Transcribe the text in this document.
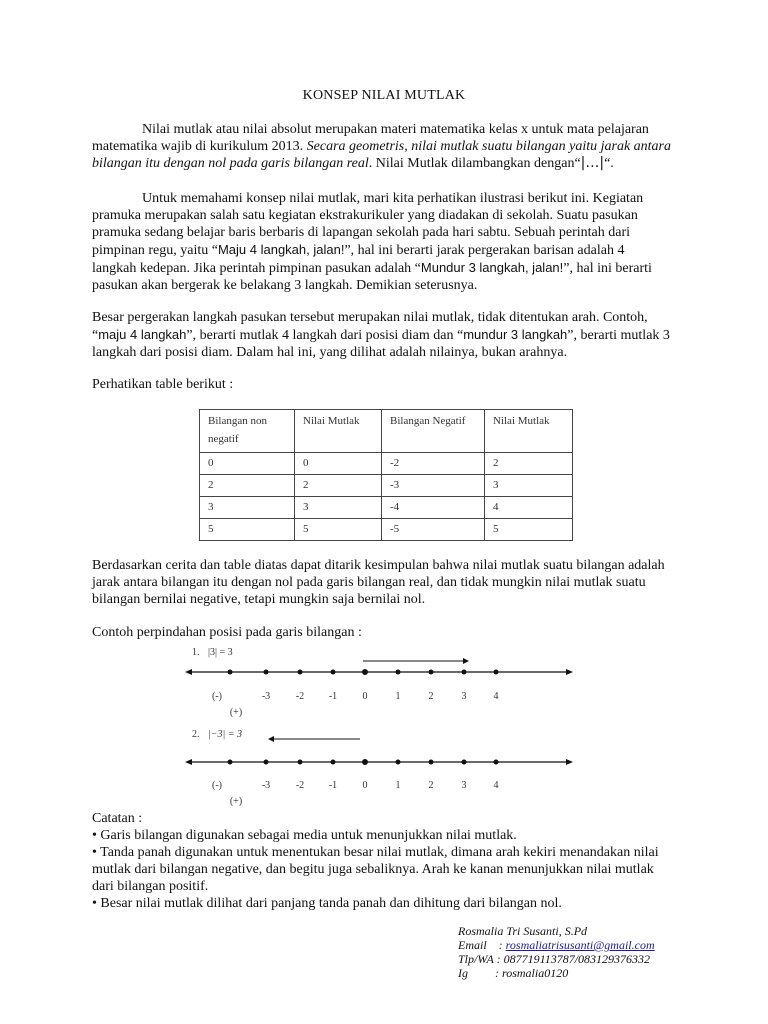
KONSEP NILAI MUTLAK

Nilai mutlak atau nilai absolut merupakan materi matematika kelas x untuk mata pelajaran matematika wajib di kurikulum 2013. Secara geometris, nilai mutlak suatu bilangan yaitu jarak antara bilangan itu dengan nol pada garis bilangan real. Nilai Mutlak dilambangkan dengan“|…|“.

Untuk memahami konsep nilai mutlak, mari kita perhatikan ilustrasi berikut ini. Kegiatan pramuka merupakan salah satu kegiatan ekstrakurikuler yang diadakan di sekolah. Suatu pasukan pramuka sedang belajar baris berbaris di lapangan sekolah pada hari sabtu. Sebuah perintah dari pimpinan regu, yaitu “Maju 4 langkah, jalan!”, hal ini berarti jarak pergerakan barisan adalah 4 langkah kedepan. Jika perintah pimpinan pasukan adalah “Mundur 3 langkah, jalan!”, hal ini berarti pasukan akan bergerak ke belakang 3 langkah. Demikian seterusnya.

Besar pergerakan langkah pasukan tersebut merupakan nilai mutlak, tidak ditentukan arah. Contoh, “maju 4 langkah”, berarti mutlak 4 langkah dari posisi diam dan “mundur 3 langkah”, berarti mutlak 3 langkah dari posisi diam. Dalam hal ini, yang dilihat adalah nilainya, bukan arahnya.

Perhatikan table berikut :

Bilangan non negatif	Nilai Mutlak	Bilangan Negatif	Nilai Mutlak
0	0	-2	2
2	2	-3	3
3	3	-4	4
5	5	-5	5

Berdasarkan cerita dan table diatas dapat ditarik kesimpulan bahwa nilai mutlak suatu bilangan adalah jarak antara bilangan itu dengan nol pada garis bilangan real, dan tidak mungkin nilai mutlak suatu bilangan bernilai negative, tetapi mungkin saja bernilai nol.

Contoh perpindahan posisi pada garis bilangan :

1. |3| = 3
(-)	-3	-2 -1	0	1	2	3	4
(+)
2. |−3| = 3
(-)	-3	-2 -1	0	1	2	3	4
(+)
Catatan :
• Garis bilangan digunakan sebagai media untuk menunjukkan nilai mutlak.
• Tanda panah digunakan untuk menentukan besar nilai mutlak, dimana arah kekiri menandakan nilai mutlak dari bilangan negative, dan begitu juga sebaliknya. Arah ke kanan menunjukkan nilai mutlak dari bilangan positif.
• Besar nilai mutlak dilihat dari panjang tanda panah dan dihitung dari bilangan nol.
Rosmalia Tri Susanti, S.Pd
Email    : rosmaliatrisusanti@gmail.com
Tlp/WA : 087719113787/083129376332
Ig         : rosmalia0120
